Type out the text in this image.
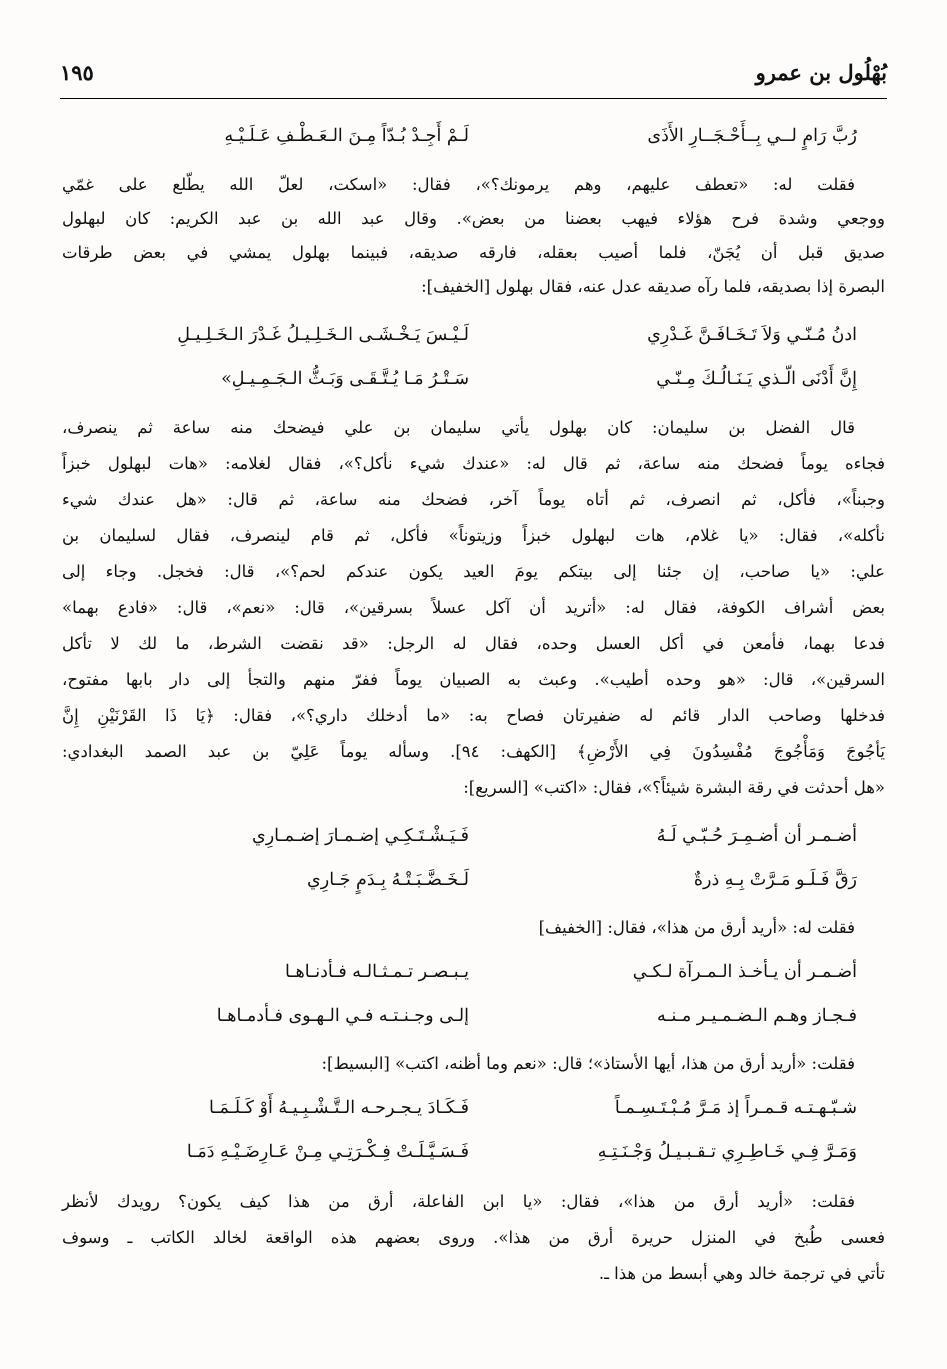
بُهْلُول بن عمرو
١٩٥
رُبَّ رَامٍ لــي بِــأَحْـجَــارِ الأَذَى
لَـمْ أَجِـدْ بُـدّاً مِـنَ الـعَـطْـفِ عَـلَـيْـهِ
فقلت له: «تعطف عليهم، وهم يرمونك؟»، فقال: «اسكت، لعلّ الله يطّلع على غمّي
ووجعي وشدة فرح هؤلاء فيهب بعضنا من بعض». وقال عبد الله بن عبد الكريم: كان لبهلول
صديق قبل أن يُجَنّ، فلما أصيب بعقله، فارقه صديقه، فبينما بهلول يمشي في بعض طرقات
البصرة إذا بصديقه، فلما رآه صديقه عدل عنه، فقال بهلول [الخفيف]:
ادنُ مُـنّـي وَلاَ تَـخَـافَـنَّ غَـدْرِي
لَـيْـسَ يَـخْـشَـى الـخَـلِـيـلُ غَـدْرَ الـخَـلِـيـلِ
إِنَّ أَدْنَى الّـذي يَـنَـالُـكَ مِـنّـي
سَـتْـرُ مَـا يُـتَّـقَـى وَبَـثُّ الـجَـمِـيـلِ»
قال الفضل بن سليمان: كان بهلول يأتي سليمان بن علي فيضحك منه ساعة ثم ينصرف،
فجاءه يوماً فضحك منه ساعة، ثم قال له: «عندك شيء نأكل؟»، فقال لغلامه: «هات لبهلول خبزاً
وجبناً»، فأكل، ثم انصرف، ثم أتاه يوماً آخر، فضحك منه ساعة، ثم قال: «هل عندك شيء
نأكله»، فقال: «يا غلام، هات لبهلول خبزاً وزيتوناً» فأكل، ثم قام لينصرف، فقال لسليمان بن
علي: «يا صاحب، إن جئنا إلى بيتكم يومَ العيد يكون عندكم لحم؟»، قال: فخجل. وجاء إلى
بعض أشراف الكوفة، فقال له: «أتريد أن آكل عسلاً بسرقين»، قال: «نعم»، قال: «فادع بهما»
فدعا بهما، فأمعن في أكل العسل وحده، فقال له الرجل: «قد نقضت الشرط، ما لك لا تأكل
السرقين»، قال: «هو وحده أطيب». وعبث به الصبيان يوماً ففرّ منهم والتجأ إلى دار بابها مفتوح،
فدخلها وصاحب الدار قائم له ضفيرتان فصاح به: «ما أدخلك داري؟»، فقال: ﴿يَا ذَا القَرْنَيْنِ إِنَّ
يَأجُوجَ وَمَأْجُوجَ مُفْسِدُونَ فِي الأَرْضِ﴾ [الكهف: ٩٤]. وسأله يوماً عَلِيّ بن عبد الصمد البغدادي:
«هل أحدثت في رقة البشرة شيئاً؟»، فقال: «اكتب» [السريع]:
أضـمـر أن أضـمِـرَ حُـبّـي لَـهُ
فَـيَـشْـتَـكِـي إضـمـارَ إضـمـارِي
رَقَّ فَـلَـو مَـرَّتْ بِـهِ ذرةٌ
لَـخَـضَّـبَـتْـهُ بِـدَمٍ جَـارِي
فقلت له: «أريد أرق من هذا»، فقال: [الخفيف]
أضـمـر أن يـأخـذ الـمـرآة لـكـي
يـبـصـر تـمـثـالـه فـأدنـاهـا
فـجـاز وهـم الـضـمـيـر مـنـه
إلـى وجـنـتـه فـي الـهـوى فـأدمـاهـا
فقلت: «أريد أرق من هذا، أيها الأستاذ»؛ قال: «نعم وما أظنه، اكتب» [البسيط]:
شـبّـهـتـه قـمـراً إذ مَـرَّ مُـبْـتَـسِـمـاً
فَـكَـادَ يـجـرحـه الـتَّـشْـبِـيـهُ أَوْ كَـلَـمَـا
وَمَـرَّ فِـي خَـاطِـرِي تـقـبـيـلُ وَجْـنَـتِـهِ
فَـسَـيَّـلَـتْ فِـكْـرَتِـي مِـنْ عَـارِضَـيْـهِ دَمَـا
فقلت: «أريد أرق من هذا»، فقال: «يا ابن الفاعلة، أرق من هذا كيف يكون؟ رويدك لأنظر
فعسى طُبخ في المنزل حريرة أرق من هذا». وروى بعضهم هذه الواقعة لخالد الكاتب ـ وسوف
تأتي في ترجمة خالد وهي أبسط من هذا ـ.
